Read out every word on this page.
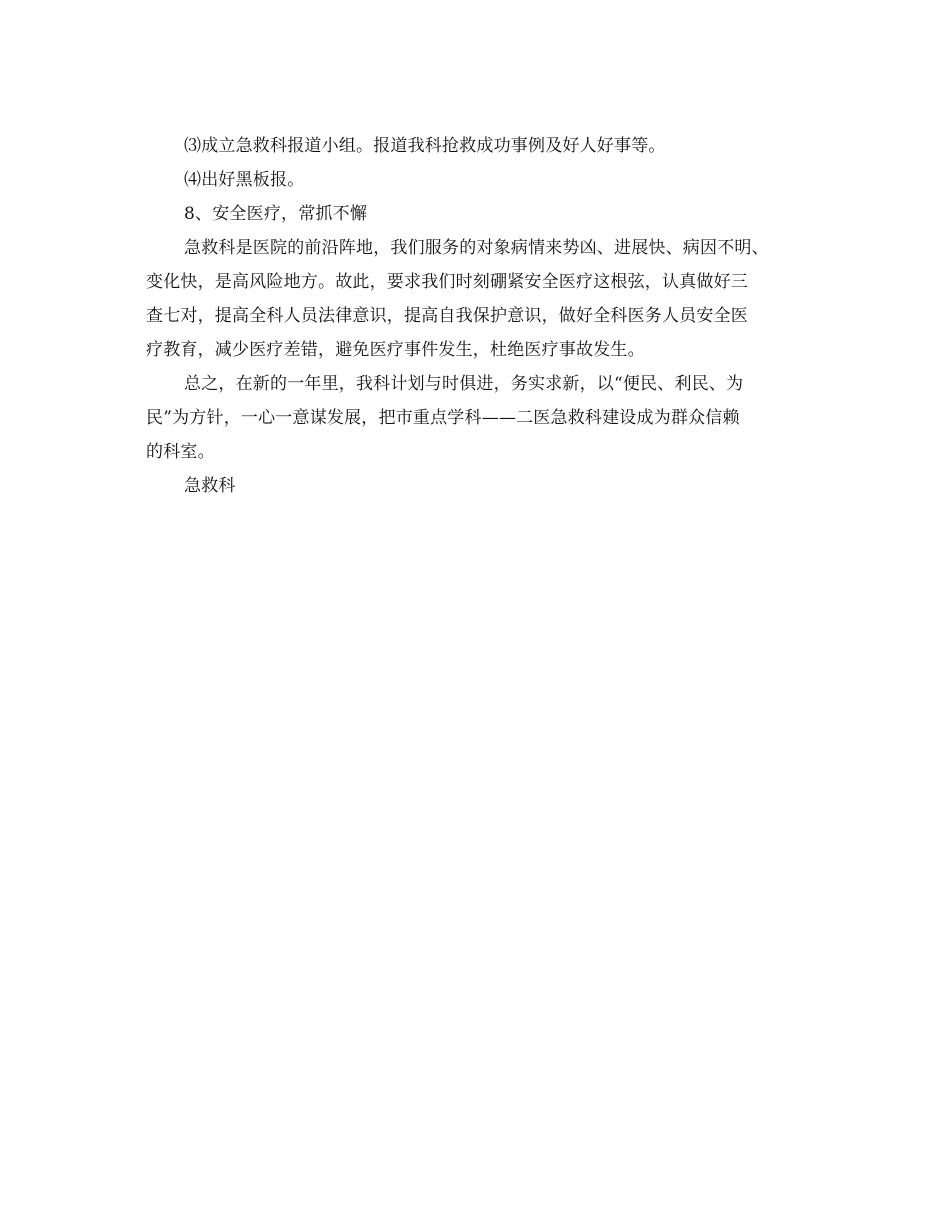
⑶成立急救科报道小组。报道我科抢救成功事例及好人好事等。
⑷出好黑板报。
8、安全医疗，常抓不懈
急救科是医院的前沿阵地，我们服务的对象病情来势凶、进展快、病因不明、
变化快，是高风险地方。故此，要求我们时刻硼紧安全医疗这根弦，认真做好三
查七对，提高全科人员法律意识，提高自我保护意识，做好全科医务人员安全医
疗教育，减少医疗差错，避免医疗事件发生，杜绝医疗事故发生。
总之，在新的一年里，我科计划与时俱进，务实求新，以“便民、利民、为
民”为方针，一心一意谋发展，把市重点学科——二医急救科建设成为群众信赖
的科室。
急救科
